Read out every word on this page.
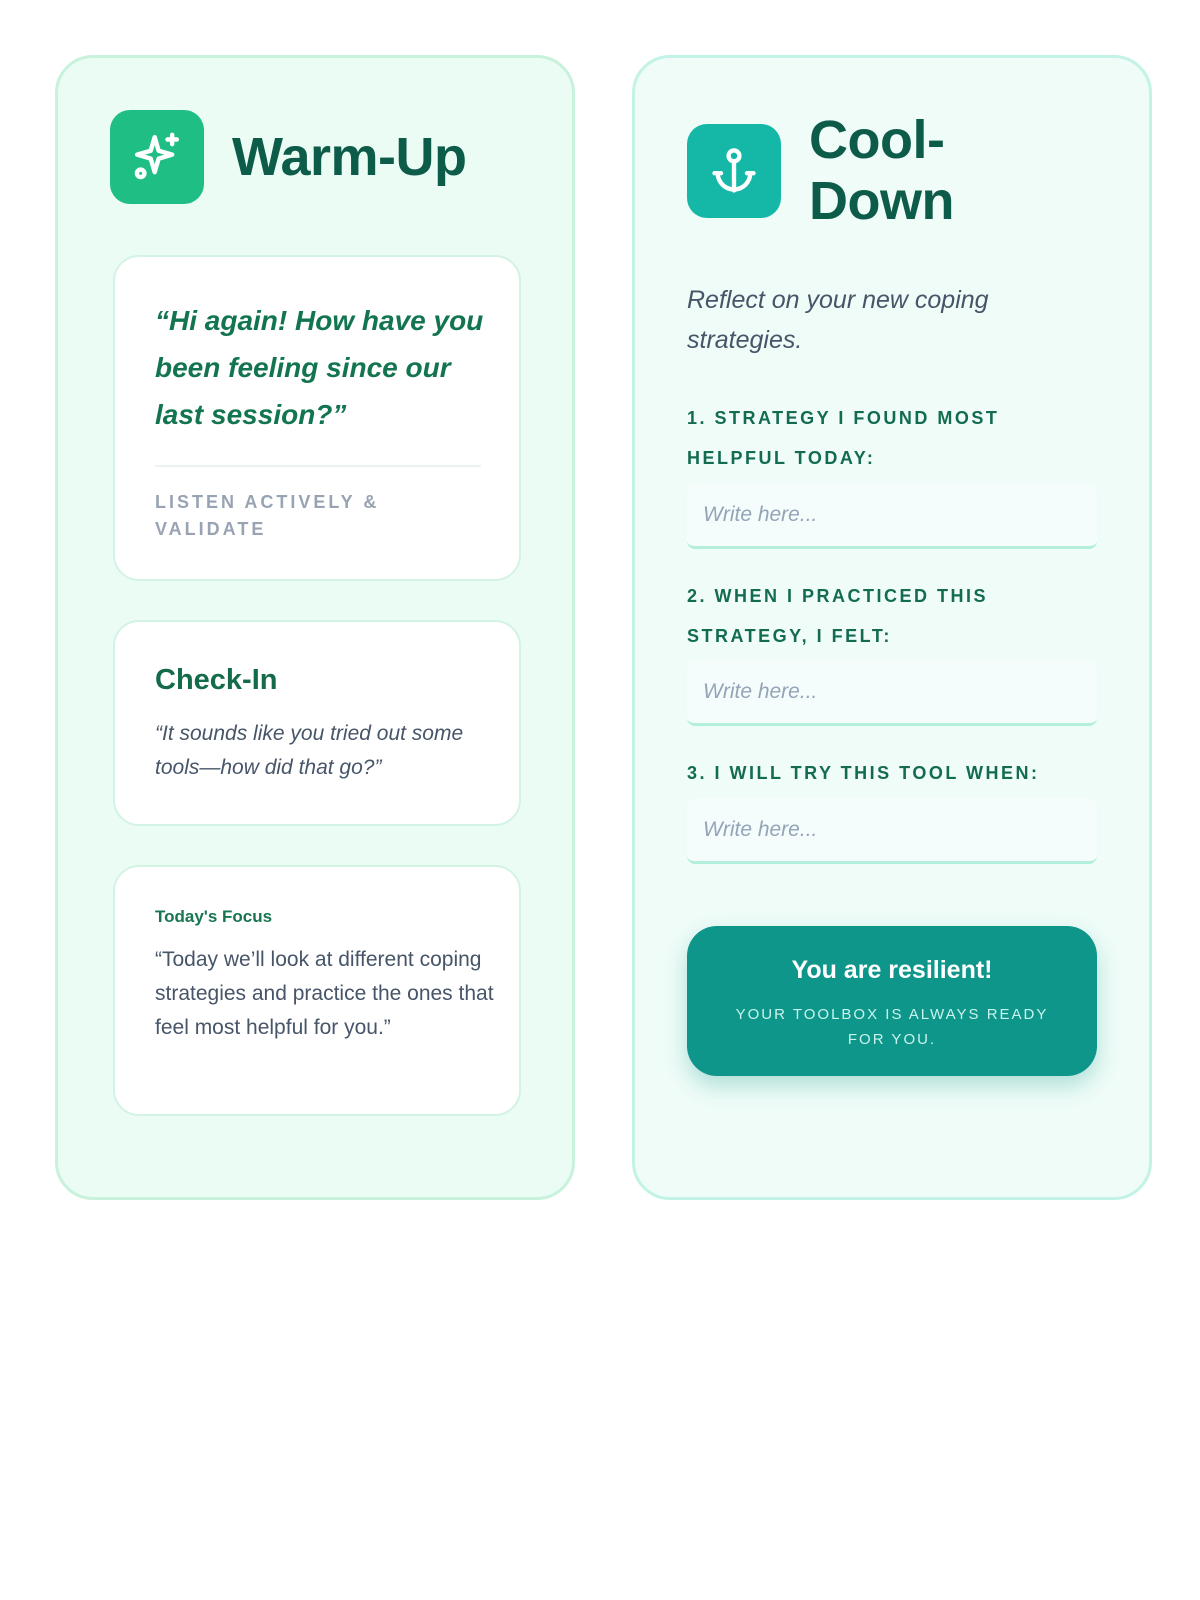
Warm-Up
“Hi again! How have you been feeling since our last session?”
LISTEN ACTIVELY & VALIDATE
Check-In
“It sounds like you tried out some tools—how did that go?”
Today's Focus
“Today we’ll look at different coping strategies and practice the ones that feel most helpful for you.”
Cool-Down
Reflect on your new coping strategies.
1. STRATEGY I FOUND MOST HELPFUL TODAY:
Write here...
2. WHEN I PRACTICED THIS STRATEGY, I FELT:
Write here...
3. I WILL TRY THIS TOOL WHEN:
Write here...
You are resilient!
YOUR TOOLBOX IS ALWAYS READY FOR YOU.
